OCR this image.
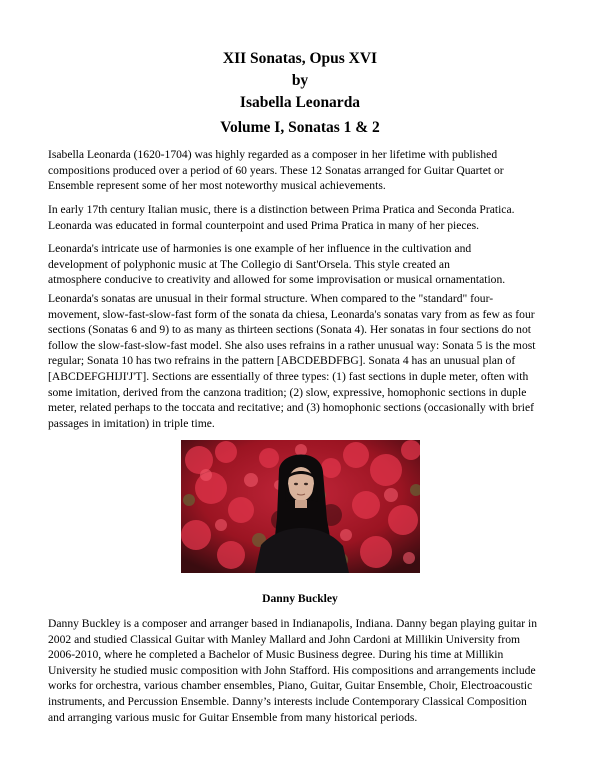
XII Sonatas, Opus XVI
by
Isabella Leonarda
Volume I, Sonatas 1 & 2

Isabella Leonarda (1620-1704) was highly regarded as a composer in her lifetime with published
compositions produced over a period of 60 years. These 12 Sonatas arranged for Guitar Quartet or
Ensemble represent some of her most noteworthy musical achievements.

In early 17th century Italian music, there is a distinction between Prima Pratica and Seconda Pratica.
Leonarda was educated in formal counterpoint and used Prima Pratica in many of her pieces.

Leonarda's intricate use of harmonies is one example of her influence in the cultivation and
development of polyphonic music at The Collegio di Sant'Orsela. This style created an
atmosphere conducive to creativity and allowed for some improvisation or musical ornamentation.

Leonarda's sonatas are unusual in their formal structure. When compared to the "standard" four-
movement, slow-fast-slow-fast form of the sonata da chiesa, Leonarda's sonatas vary from as few as four
sections (Sonatas 6 and 9) to as many as thirteen sections (Sonata 4). Her sonatas in four sections do not
follow the slow-fast-slow-fast model. She also uses refrains in a rather unusual way: Sonata 5 is the most
regular; Sonata 10 has two refrains in the pattern [ABCDEBDFBG]. Sonata 4 has an unusual plan of
[ABCDEFGHIJI'J'T]. Sections are essentially of three types: (1) fast sections in duple meter, often with
some imitation, derived from the canzona tradition; (2) slow, expressive, homophonic sections in duple
meter, related perhaps to the toccata and recitative; and (3) homophonic sections (occasionally with brief
passages in imitation) in triple time.

Danny Buckley

Danny Buckley is a composer and arranger based in Indianapolis, Indiana. Danny began playing guitar in
2002 and studied Classical Guitar with Manley Mallard and John Cardoni at Millikin University from
2006-2010, where he completed a Bachelor of Music Business degree. During his time at Millikin
University he studied music composition with John Stafford. His compositions and arrangements include
works for orchestra, various chamber ensembles, Piano, Guitar, Guitar Ensemble, Choir, Electroacoustic
instruments, and Percussion Ensemble. Danny’s interests include Contemporary Classical Composition
and arranging various music for Guitar Ensemble from many historical periods.
